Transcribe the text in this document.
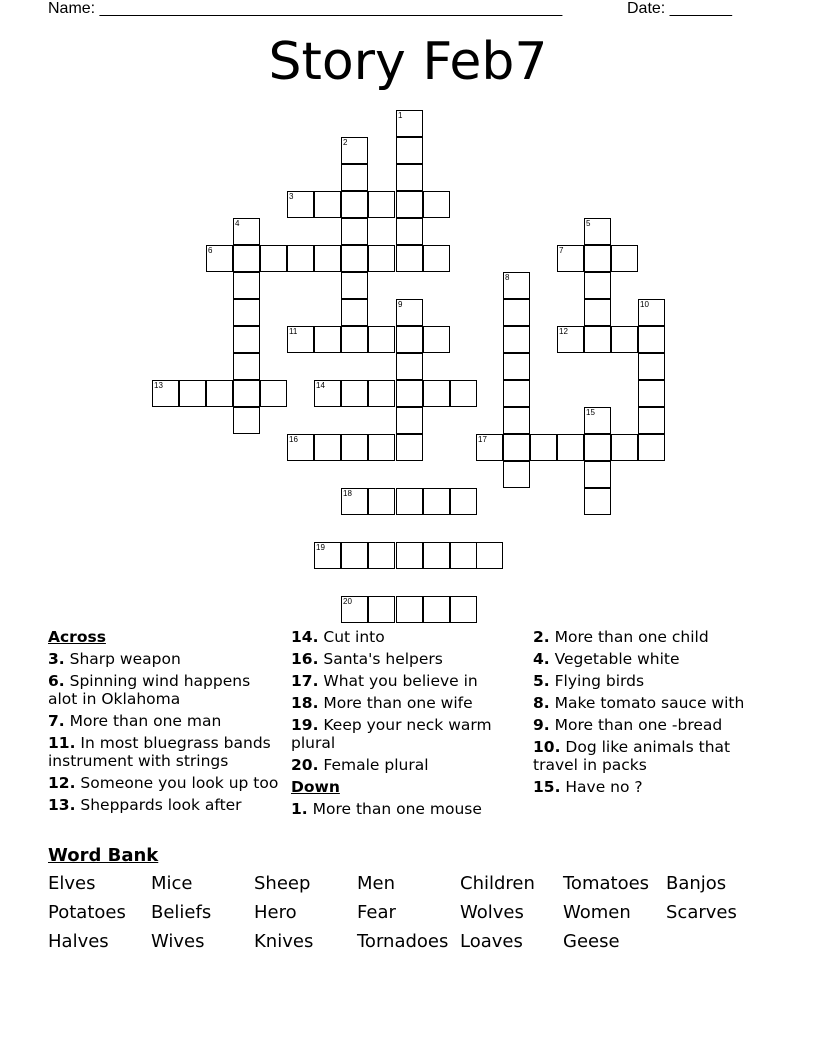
Name: ____________________________________________________	Date: _______
Story Feb7
1
2
3
4
6
5
7
8
9	10
11	12
13	14
15
16	17
18
19
20
Across
3. Sharp weapon
6. Spinning wind happens alot in Oklahoma
7. More than one man
11. In most bluegrass bands instrument with strings
12. Someone you look up too
13. Sheppards look after
14. Cut into
16. Santa's helpers
17. What you believe in
18. More than one wife
19. Keep your neck warm plural
20. Female plural
Down
1. More than one mouse
2. More than one child
4. Vegetable white
5. Flying birds
8. Make tomato sauce with
9. More than one -bread
10. Dog like animals that travel in packs
15. Have no ?
Word Bank
Elves	Mice	Sheep	Men	Children Tomatoes Banjos
Potatoes Beliefs Hero	Fear	Wolves Women Scarves
Halves Wives	Knives Tornadoes Loaves Geese
